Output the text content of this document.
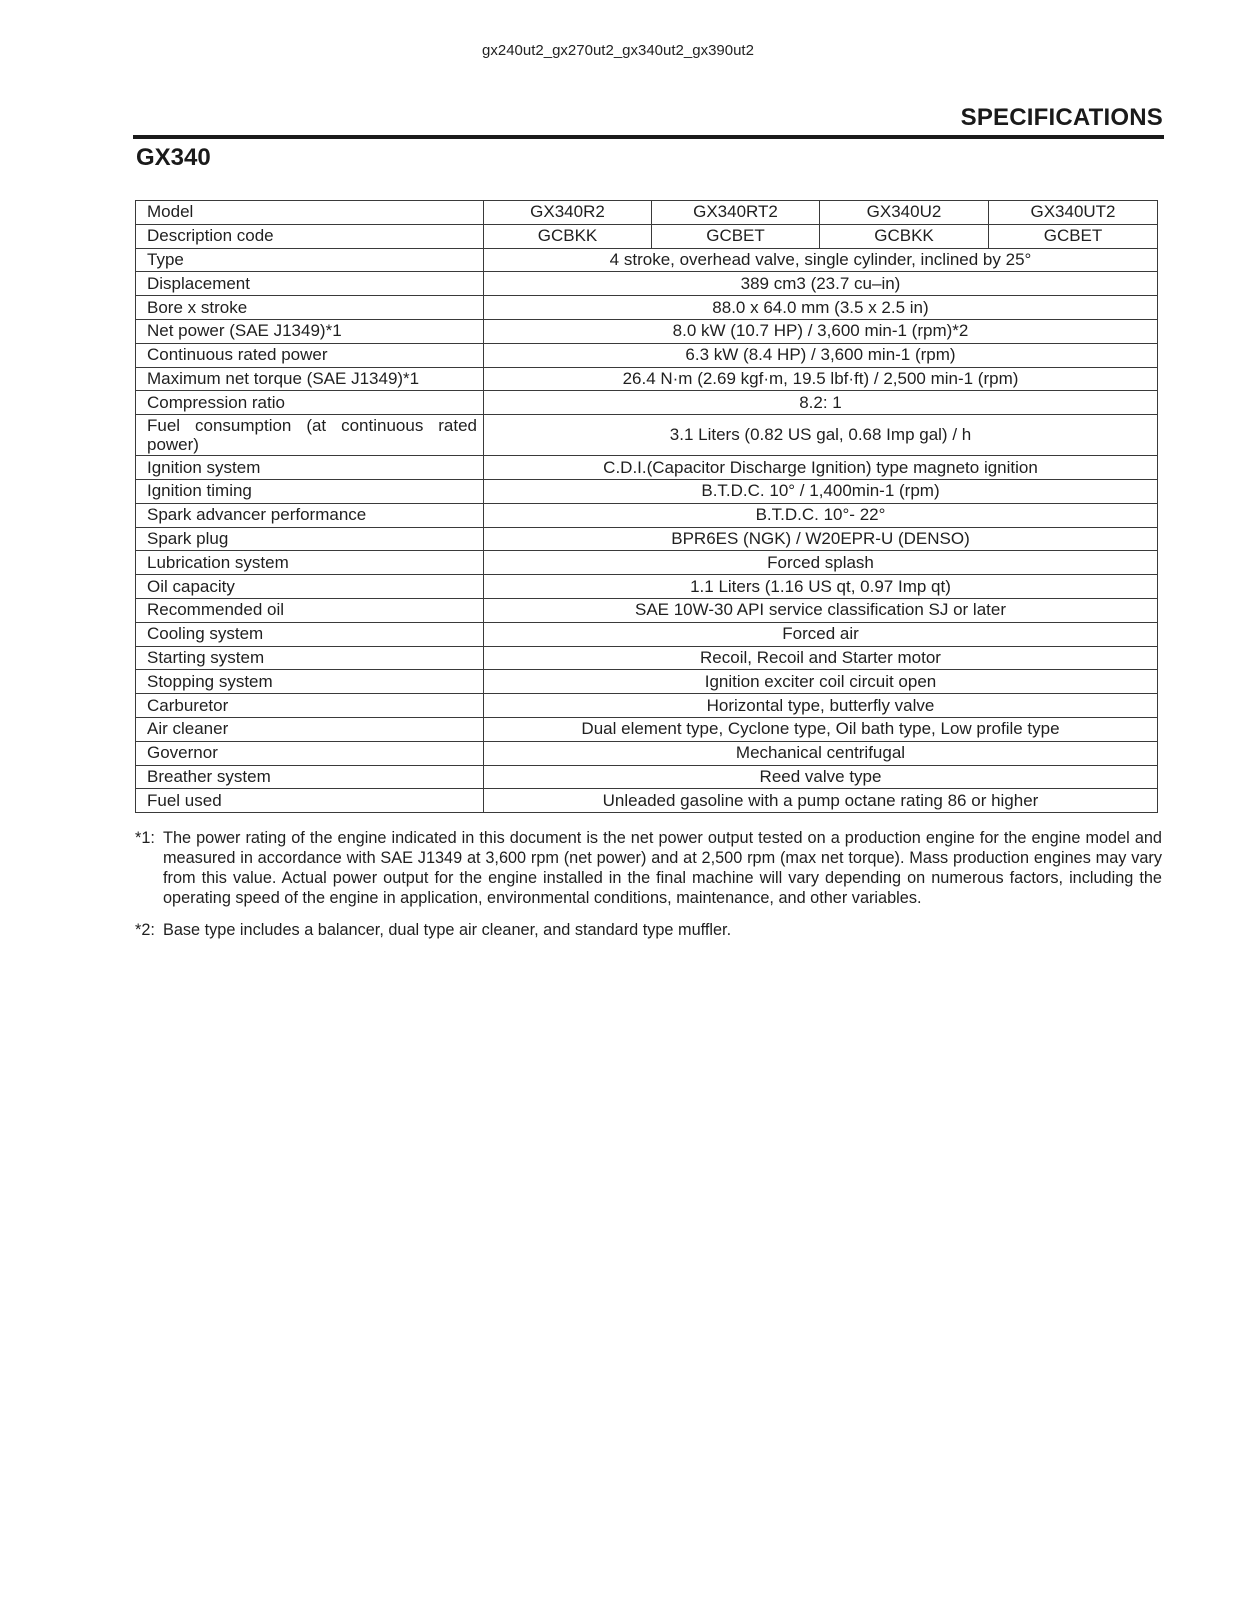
gx240ut2_gx270ut2_gx340ut2_gx390ut2
SPECIFICATIONS
GX340
Model	GX340R2	GX340RT2	GX340U2	GX340UT2
Description code	GCBKK	GCBET	GCBKK	GCBET
Type	4 stroke, overhead valve, single cylinder, inclined by 25°			
Displacement	389 cm3 (23.7 cu–in)			
Bore x stroke	88.0 x 64.0 mm (3.5 x 2.5 in)			
Net power (SAE J1349)*1	8.0 kW (10.7 HP) / 3,600 min-1 (rpm)*2			
Continuous rated power	6.3 kW (8.4 HP) / 3,600 min-1 (rpm)			
Maximum net torque (SAE J1349)*1	26.4 N·m (2.69 kgf·m, 19.5 lbf·ft) / 2,500 min-1 (rpm)			
Compression ratio	8.2: 1			
Fuel consumption (at continuous rated power)	3.1 Liters (0.82 US gal, 0.68 Imp gal) / h			
Ignition system	C.D.I.(Capacitor Discharge Ignition) type magneto ignition			
Ignition timing	B.T.D.C. 10° / 1,400min-1 (rpm)			
Spark advancer performance	B.T.D.C. 10°- 22°			
Spark plug	BPR6ES (NGK) / W20EPR-U (DENSO)			
Lubrication system	Forced splash			
Oil capacity	1.1 Liters (1.16 US qt, 0.97 Imp qt)			
Recommended oil	SAE 10W-30 API service classification SJ or later			
Cooling system	Forced air			
Starting system	Recoil, Recoil and Starter motor			
Stopping system	Ignition exciter coil circuit open			
Carburetor	Horizontal type, butterfly valve			
Air cleaner	Dual element type, Cyclone type, Oil bath type, Low profile type			
Governor	Mechanical centrifugal			
Breather system	Reed valve type			
Fuel used	Unleaded gasoline with a pump octane rating 86 or higher			
*1: The power rating of the engine indicated in this document is the net power output tested on a production engine for the engine model and measured in accordance with SAE J1349 at 3,600 rpm (net power) and at 2,500 rpm (max net torque). Mass production engines may vary from this value. Actual power output for the engine installed in the final machine will vary depending on numerous factors, including the operating speed of the engine in application, environmental conditions, maintenance, and other variables.
*2: Base type includes a balancer, dual type air cleaner, and standard type muffler.
